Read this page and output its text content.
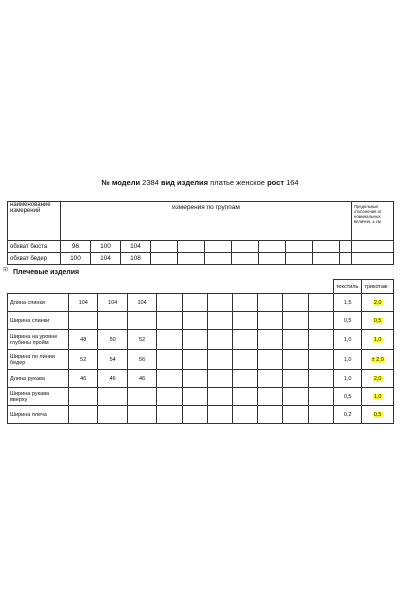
№ модели 2384 вид изделия платье женское рост 164
наименование измерений	измерения по группам											Предельные отклонения от номинальных величин, ± см
обхват бюста	96	100	104									
обхват бедер	100	104	108									
⊞ Плечевые изделия
											текстиль	трикотаж
Длина спинки	104	104	104								1,5	2,0
Ширина спинки											0,5	0,5
Ширина на уровне глубины пройм	48	50	52								1,0	1,0
Ширина по линии бедер	52	54	56								1,0	± 2,0
Длина рукава	46	46	46								1,0	2,0
Ширина рукава вверху											0,5	1,0
Ширина плеча											0,2	0,5
